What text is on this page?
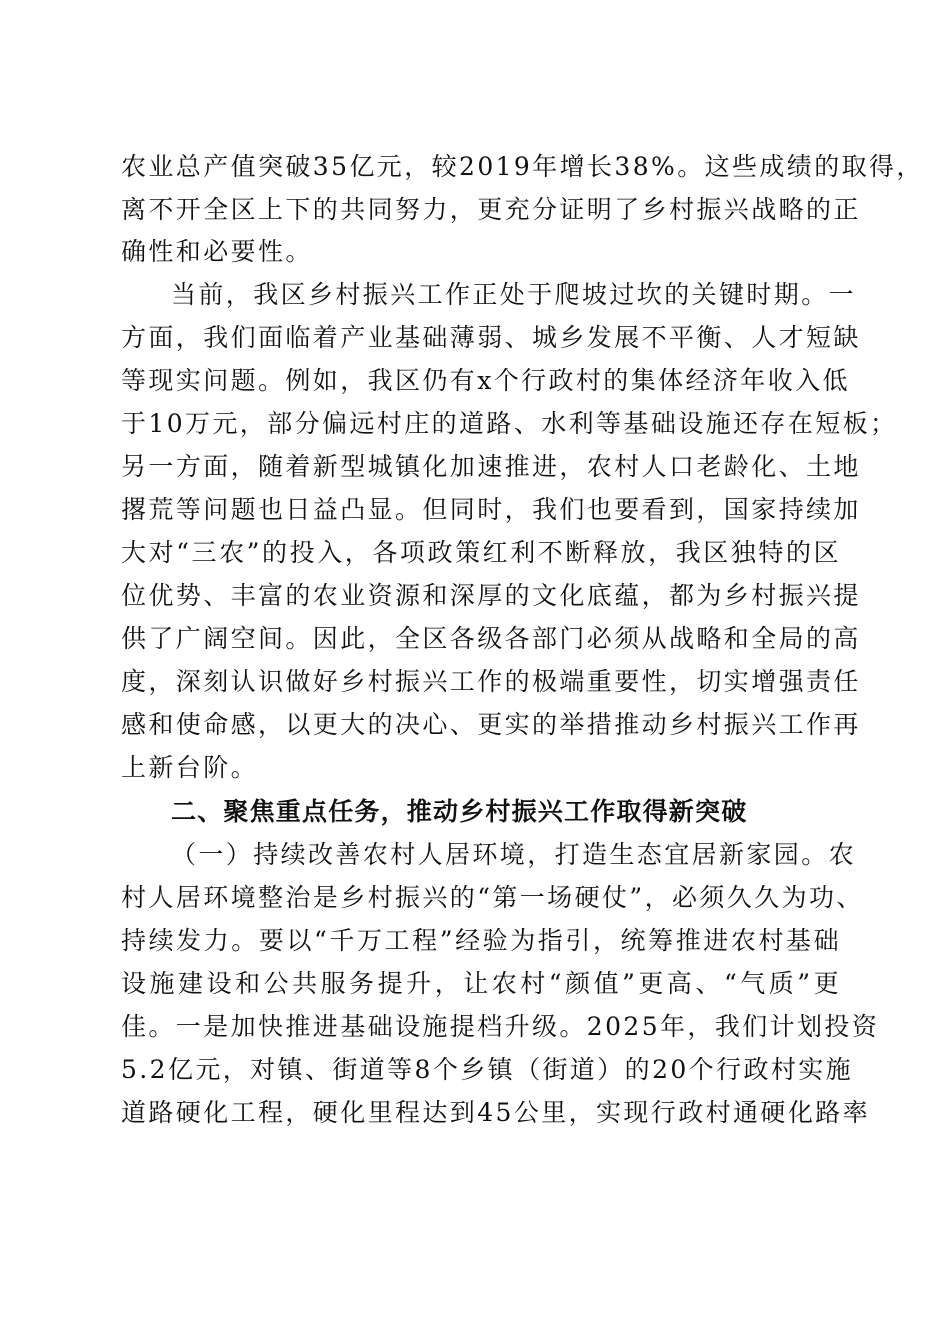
农业总产值突破35亿元，较2019年增长38%。这些成绩的取得，
离不开全区上下的共同努力，更充分证明了乡村振兴战略的正
确性和必要性。
当前，我区乡村振兴工作正处于爬坡过坎的关键时期。一
方面，我们面临着产业基础薄弱、城乡发展不平衡、人才短缺
等现实问题。例如，我区仍有x个行政村的集体经济年收入低
于10万元，部分偏远村庄的道路、水利等基础设施还存在短板；
另一方面，随着新型城镇化加速推进，农村人口老龄化、土地
撂荒等问题也日益凸显。但同时，我们也要看到，国家持续加
大对“三农”的投入，各项政策红利不断释放，我区独特的区
位优势、丰富的农业资源和深厚的文化底蕴，都为乡村振兴提
供了广阔空间。因此，全区各级各部门必须从战略和全局的高
度，深刻认识做好乡村振兴工作的极端重要性，切实增强责任
感和使命感，以更大的决心、更实的举措推动乡村振兴工作再
上新台阶。
二、聚焦重点任务，推动乡村振兴工作取得新突破
（一）持续改善农村人居环境，打造生态宜居新家园。农
村人居环境整治是乡村振兴的“第一场硬仗”，必须久久为功、
持续发力。要以“千万工程”经验为指引，统筹推进农村基础
设施建设和公共服务提升，让农村“颜值”更高、“气质”更
佳。一是加快推进基础设施提档升级。2025年，我们计划投资
5.2亿元，对镇、街道等8个乡镇（街道）的20个行政村实施
道路硬化工程，硬化里程达到45公里，实现行政村通硬化路率
